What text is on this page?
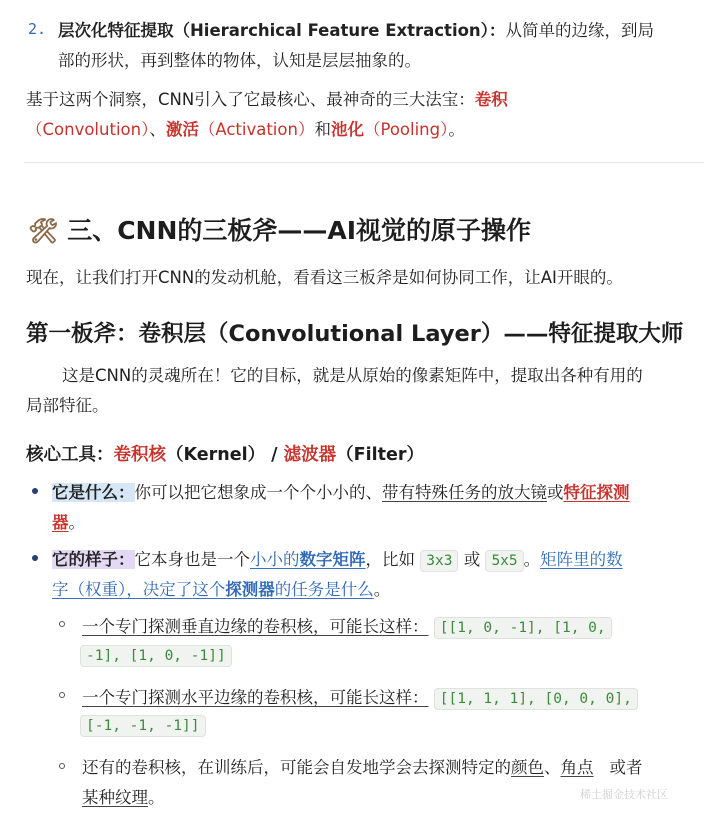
2. 层次化特征提取（Hierarchical Feature Extraction）：从简单的边缘，到局
部的形状，再到整体的物体，认知是层层抽象的。
基于这两个洞察，CNN引入了它最核心、最神奇的三大法宝：卷积
（Convolution）、激活（Activation）和池化（Pooling）。
🛠 三、CNN的三板斧——AI视觉的原子操作
现在，让我们打开CNN的发动机舱，看看这三板斧是如何协同工作，让AI开眼的。
第一板斧：卷积层（Convolutional Layer）——特征提取大师
这是CNN的灵魂所在！它的目标，就是从原始的像素矩阵中，提取出各种有用的
局部特征。
核心工具：卷积核（Kernel） / 滤波器（Filter）
它是什么：你可以把它想象成一个个小小的、带有特殊任务的放大镜或特征探测
器。
它的样子：它本身也是一个小小的数字矩阵，比如 3x3 或 5x5 。矩阵里的数
字（权重），决定了这个探测器的任务是什么。
一个专门探测垂直边缘的卷积核，可能长这样： [[1, 0, -1], [1, 0,
-1], [1, 0, -1]]
一个专门探测水平边缘的卷积核，可能长这样： [[1, 1, 1], [0, 0, 0],
[-1, -1, -1]]
还有的卷积核，在训练后，可能会自发地学会去探测特定的颜色、角点 或者
某种纹理。	稀土掘金技术社区
